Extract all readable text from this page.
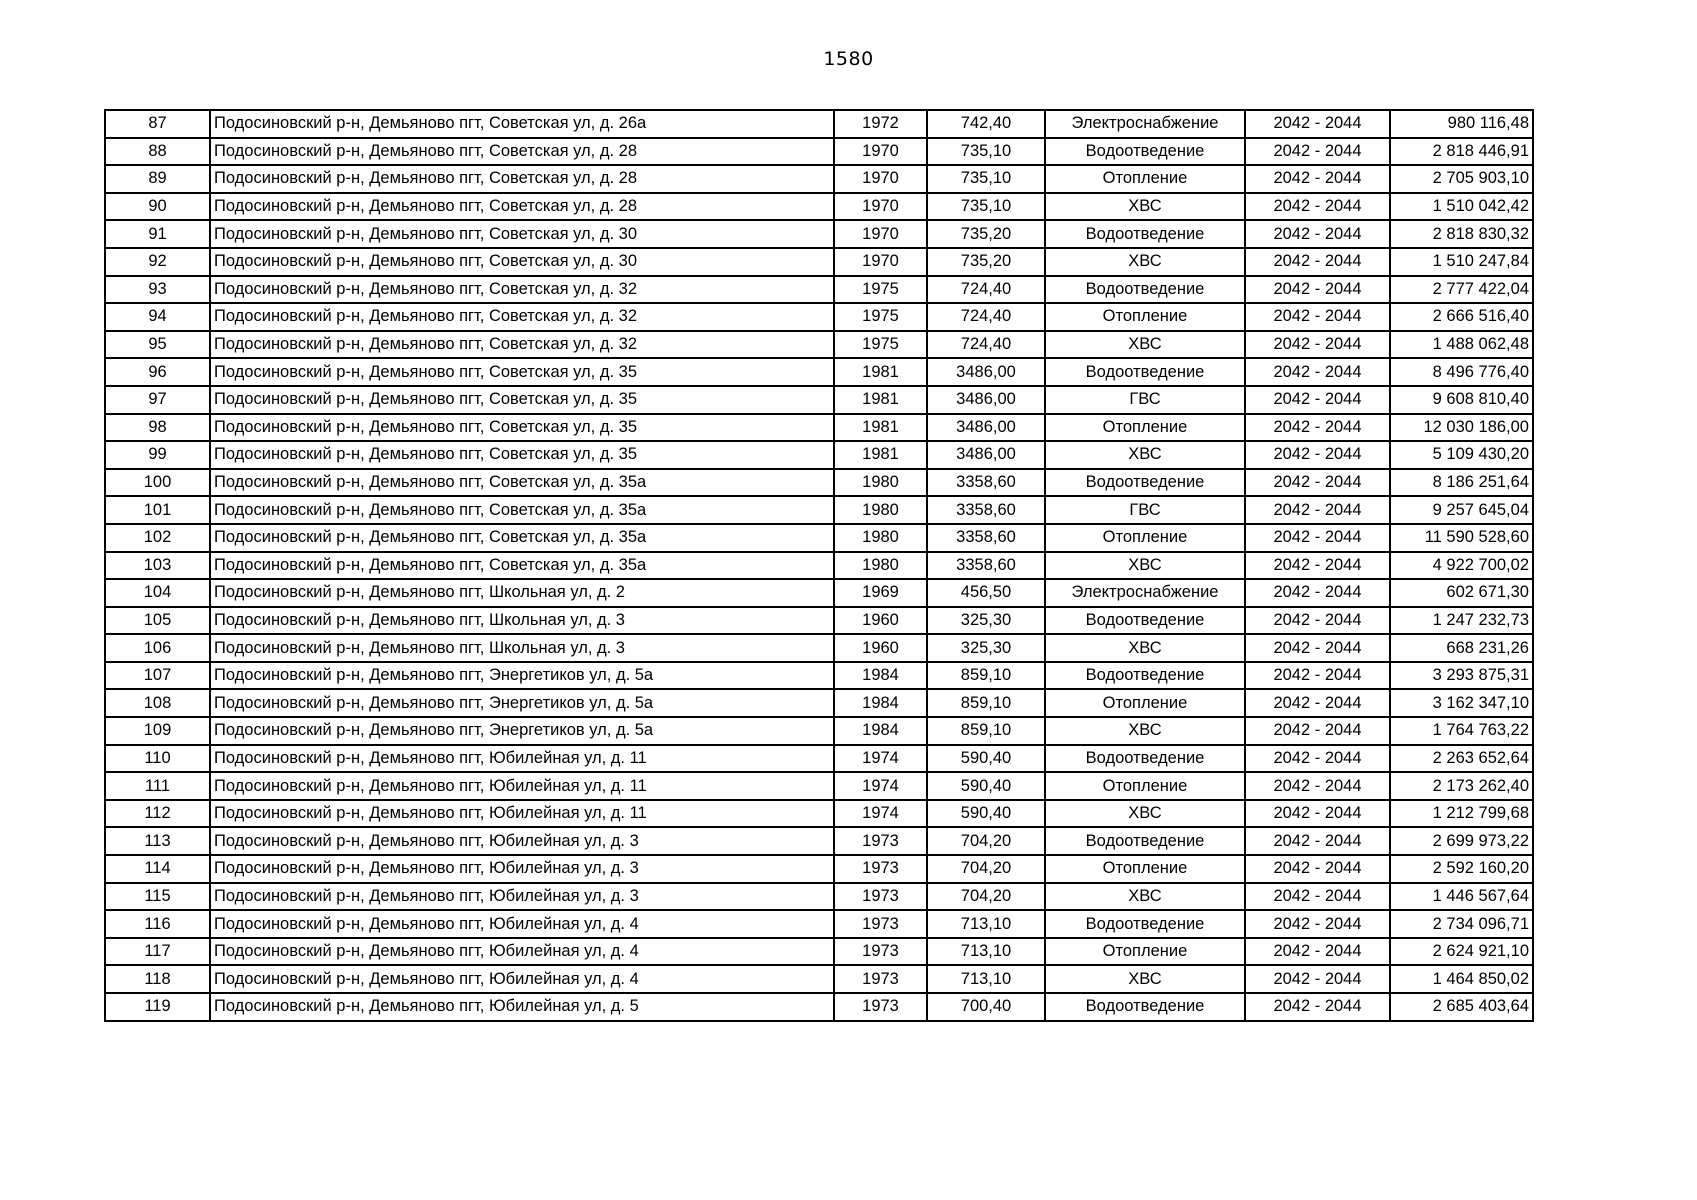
1580
87	Подосиновский р-н, Демьяново пгт, Советская ул, д. 26а	1972	742,40	Электроснабжение	2042 - 2044	980 116,48
88	Подосиновский р-н, Демьяново пгт, Советская ул, д. 28	1970	735,10	Водоотведение	2042 - 2044	2 818 446,91
89	Подосиновский р-н, Демьяново пгт, Советская ул, д. 28	1970	735,10	Отопление	2042 - 2044	2 705 903,10
90	Подосиновский р-н, Демьяново пгт, Советская ул, д. 28	1970	735,10	ХВС	2042 - 2044	1 510 042,42
91	Подосиновский р-н, Демьяново пгт, Советская ул, д. 30	1970	735,20	Водоотведение	2042 - 2044	2 818 830,32
92	Подосиновский р-н, Демьяново пгт, Советская ул, д. 30	1970	735,20	ХВС	2042 - 2044	1 510 247,84
93	Подосиновский р-н, Демьяново пгт, Советская ул, д. 32	1975	724,40	Водоотведение	2042 - 2044	2 777 422,04
94	Подосиновский р-н, Демьяново пгт, Советская ул, д. 32	1975	724,40	Отопление	2042 - 2044	2 666 516,40
95	Подосиновский р-н, Демьяново пгт, Советская ул, д. 32	1975	724,40	ХВС	2042 - 2044	1 488 062,48
96	Подосиновский р-н, Демьяново пгт, Советская ул, д. 35	1981	3486,00	Водоотведение	2042 - 2044	8 496 776,40
97	Подосиновский р-н, Демьяново пгт, Советская ул, д. 35	1981	3486,00	ГВС	2042 - 2044	9 608 810,40
98	Подосиновский р-н, Демьяново пгт, Советская ул, д. 35	1981	3486,00	Отопление	2042 - 2044	12 030 186,00
99	Подосиновский р-н, Демьяново пгт, Советская ул, д. 35	1981	3486,00	ХВС	2042 - 2044	5 109 430,20
100	Подосиновский р-н, Демьяново пгт, Советская ул, д. 35а	1980	3358,60	Водоотведение	2042 - 2044	8 186 251,64
101	Подосиновский р-н, Демьяново пгт, Советская ул, д. 35а	1980	3358,60	ГВС	2042 - 2044	9 257 645,04
102	Подосиновский р-н, Демьяново пгт, Советская ул, д. 35а	1980	3358,60	Отопление	2042 - 2044	11 590 528,60
103	Подосиновский р-н, Демьяново пгт, Советская ул, д. 35а	1980	3358,60	ХВС	2042 - 2044	4 922 700,02
104	Подосиновский р-н, Демьяново пгт, Школьная ул, д. 2	1969	456,50	Электроснабжение	2042 - 2044	602 671,30
105	Подосиновский р-н, Демьяново пгт, Школьная ул, д. 3	1960	325,30	Водоотведение	2042 - 2044	1 247 232,73
106	Подосиновский р-н, Демьяново пгт, Школьная ул, д. 3	1960	325,30	ХВС	2042 - 2044	668 231,26
107	Подосиновский р-н, Демьяново пгт, Энергетиков ул, д. 5а	1984	859,10	Водоотведение	2042 - 2044	3 293 875,31
108	Подосиновский р-н, Демьяново пгт, Энергетиков ул, д. 5а	1984	859,10	Отопление	2042 - 2044	3 162 347,10
109	Подосиновский р-н, Демьяново пгт, Энергетиков ул, д. 5а	1984	859,10	ХВС	2042 - 2044	1 764 763,22
110	Подосиновский р-н, Демьяново пгт, Юбилейная ул, д. 11	1974	590,40	Водоотведение	2042 - 2044	2 263 652,64
111	Подосиновский р-н, Демьяново пгт, Юбилейная ул, д. 11	1974	590,40	Отопление	2042 - 2044	2 173 262,40
112	Подосиновский р-н, Демьяново пгт, Юбилейная ул, д. 11	1974	590,40	ХВС	2042 - 2044	1 212 799,68
113	Подосиновский р-н, Демьяново пгт, Юбилейная ул, д. 3	1973	704,20	Водоотведение	2042 - 2044	2 699 973,22
114	Подосиновский р-н, Демьяново пгт, Юбилейная ул, д. 3	1973	704,20	Отопление	2042 - 2044	2 592 160,20
115	Подосиновский р-н, Демьяново пгт, Юбилейная ул, д. 3	1973	704,20	ХВС	2042 - 2044	1 446 567,64
116	Подосиновский р-н, Демьяново пгт, Юбилейная ул, д. 4	1973	713,10	Водоотведение	2042 - 2044	2 734 096,71
117	Подосиновский р-н, Демьяново пгт, Юбилейная ул, д. 4	1973	713,10	Отопление	2042 - 2044	2 624 921,10
118	Подосиновский р-н, Демьяново пгт, Юбилейная ул, д. 4	1973	713,10	ХВС	2042 - 2044	1 464 850,02
119	Подосиновский р-н, Демьяново пгт, Юбилейная ул, д. 5	1973	700,40	Водоотведение	2042 - 2044	2 685 403,64
